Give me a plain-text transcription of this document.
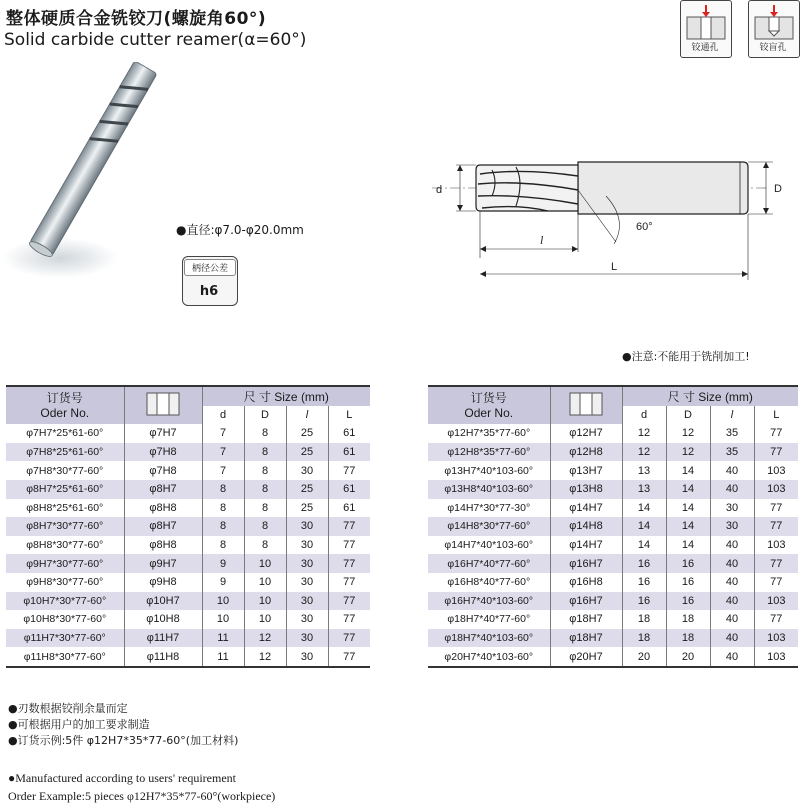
整体硬质合金铣铰刀(螺旋角60°)
Solid carbide cutter reamer(α=60°)	铰通孔	铰盲孔
●直径:φ7.0-φ20.0mm
柄径公差
h6
d	D
l
L
60°
●注意:不能用于铣削加工!
订货号
Oder No.		尺 寸 Size (mm)			
		d	D	l	L
φ7H7*25*61-60°	φ7H7	7	8	25	61
φ7H8*25*61-60°	φ7H8	7	8	25	61
φ7H8*30*77-60°	φ7H8	7	8	30	77
φ8H7*25*61-60°	φ8H7	8	8	25	61
φ8H8*25*61-60°	φ8H8	8	8	25	61
φ8H7*30*77-60°	φ8H7	8	8	30	77
φ8H8*30*77-60°	φ8H8	8	8	30	77
φ9H7*30*77-60°	φ9H7	9	10	30	77
φ9H8*30*77-60°	φ9H8	9	10	30	77
φ10H7*30*77-60°	φ10H7	10	10	30	77
φ10H8*30*77-60°	φ10H8	10	10	30	77
φ11H7*30*77-60°	φ11H7	11	12	30	77
φ11H8*30*77-60°	φ11H8	11	12	30	77
订货号
Oder No.		尺 寸 Size (mm)			
		d	D	l	L
φ12H7*35*77-60°	φ12H7	12	12	35	77
φ12H8*35*77-60°	φ12H8	12	12	35	77
φ13H7*40*103-60°	φ13H7	13	14	40	103
φ13H8*40*103-60°	φ13H8	13	14	40	103
φ14H7*30*77-30°	φ14H7	14	14	30	77
φ14H8*30*77-60°	φ14H8	14	14	30	77
φ14H7*40*103-60°	φ14H7	14	14	40	103
φ16H7*40*77-60°	φ16H7	16	16	40	77
φ16H8*40*77-60°	φ16H8	16	16	40	77
φ16H7*40*103-60°	φ16H7	16	16	40	103
φ18H7*40*77-60°	φ18H7	18	18	40	77
φ18H7*40*103-60°	φ18H7	18	18	40	103
φ20H7*40*103-60°	φ20H7	20	20	40	103
●刃数根据铰削余量而定
●可根据用户的加工要求制造
●订货示例:5件 φ12H7*35*77-60°(加工材料)
●Manufactured according to users' requirement
Order Example:5 pieces φ12H7*35*77-60°(workpiece)
